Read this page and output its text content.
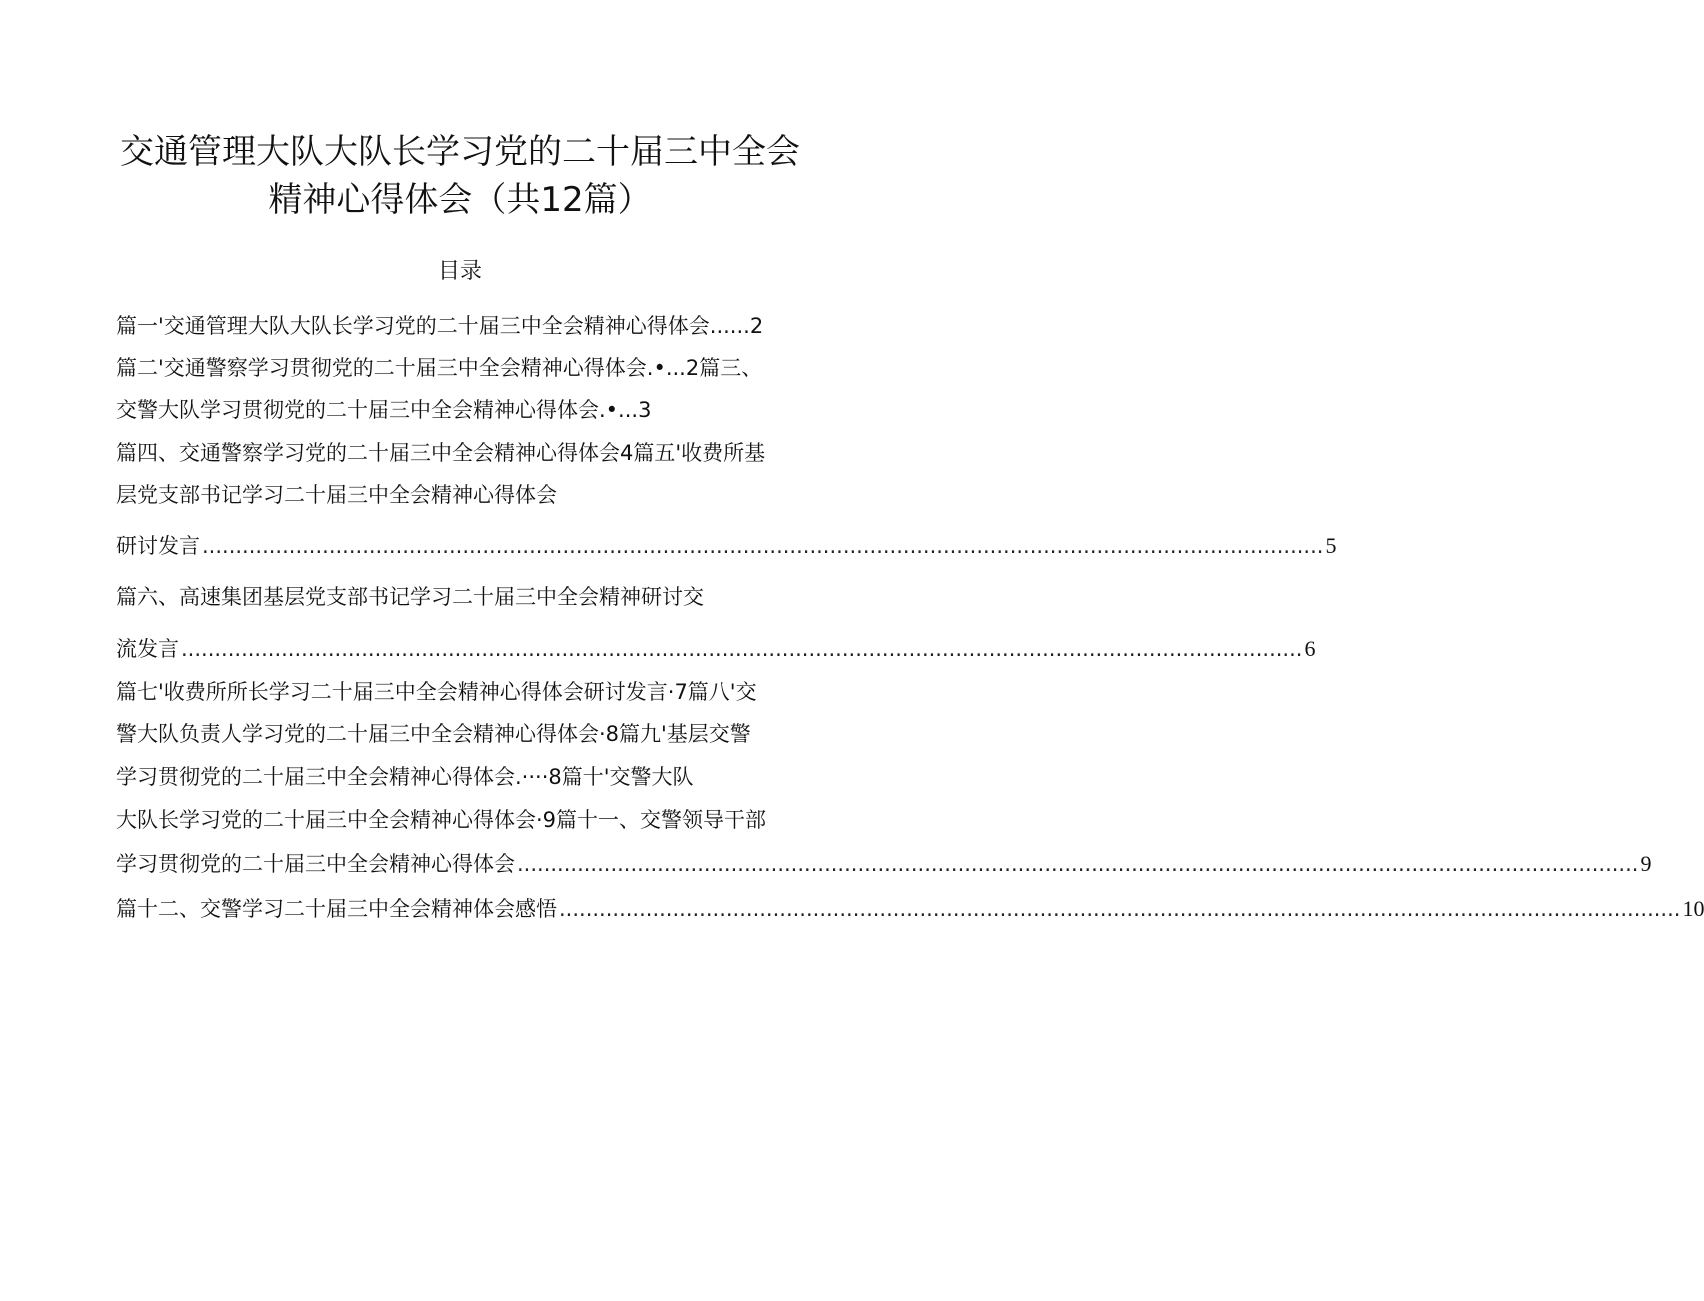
交通管理大队大队长学习党的二十届三中全会
精神心得体会（共12篇）
目录
篇一'交通管理大队大队长学习党的二十届三中全会精神心得体会......2
篇二'交通警察学习贯彻党的二十届三中全会精神心得体会.•...2篇三、
交警大队学习贯彻党的二十届三中全会精神心得体会.•...3
篇四、交通警察学习党的二十届三中全会精神心得体会4篇五'收费所基
层党支部书记学习二十届三中全会精神心得体会
研讨发言 ........................................................................................................................................................................ 5
篇六、高速集团基层党支部书记学习二十届三中全会精神研讨交
流发言 ........................................................................................................................................................................ 6
篇七'收费所所长学习二十届三中全会精神心得体会研讨发言·7篇八'交
警大队负责人学习党的二十届三中全会精神心得体会·8篇九'基层交警
学习贯彻党的二十届三中全会精神心得体会.····8篇十'交警大队
大队长学习党的二十届三中全会精神心得体会·9篇十一、交警领导干部
学习贯彻党的二十届三中全会精神心得体会 ........................................................................................................................................................................ 9
篇十二、交警学习二十届三中全会精神体会感悟 ........................................................................................................................................................................ 10
